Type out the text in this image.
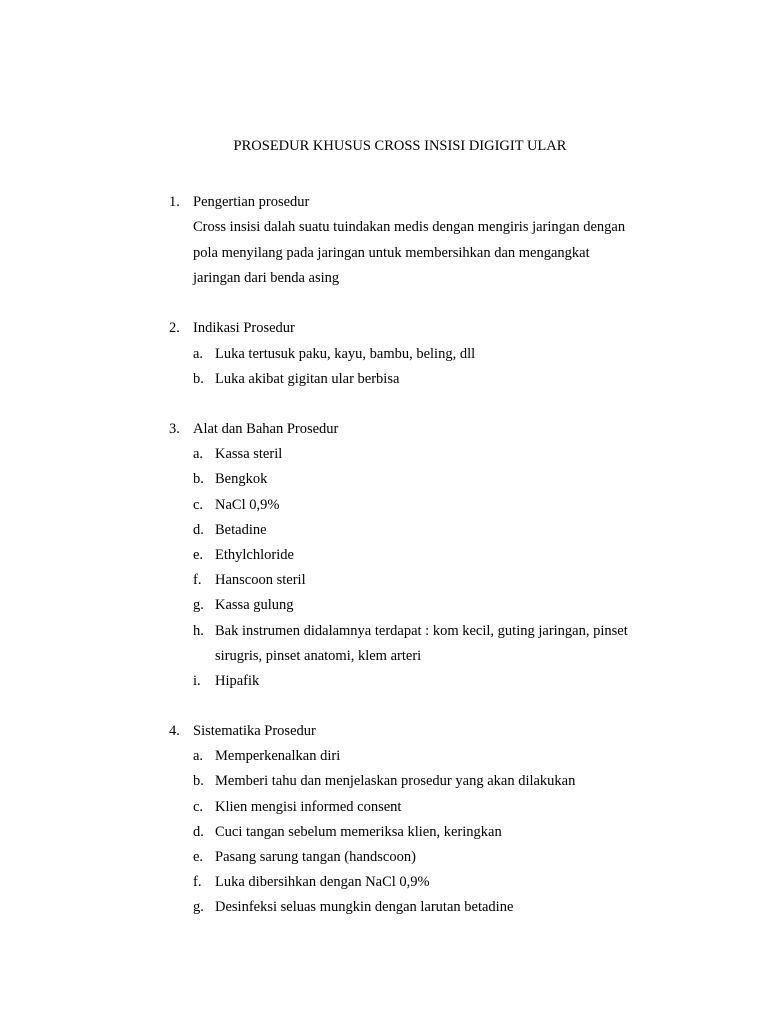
PROSEDUR KHUSUS CROSS INSISI DIGIGIT ULAR
1. Pengertian prosedur
Cross insisi dalah suatu tuindakan medis dengan mengiris jaringan dengan
pola menyilang pada jaringan untuk membersihkan dan mengangkat
jaringan dari benda asing
2. Indikasi Prosedur
a. Luka tertusuk paku, kayu, bambu, beling, dll
b. Luka akibat gigitan ular berbisa
3. Alat dan Bahan Prosedur
a. Kassa steril
b. Bengkok
c. NaCl 0,9%
d. Betadine
e. Ethylchloride
f. Hanscoon steril
g. Kassa gulung
h. Bak instrumen didalamnya terdapat : kom kecil, guting jaringan, pinset
sirugris, pinset anatomi, klem arteri
i. Hipafik
4. Sistematika Prosedur
a. Memperkenalkan diri
b. Memberi tahu dan menjelaskan prosedur yang akan dilakukan
c. Klien mengisi informed consent
d. Cuci tangan sebelum memeriksa klien, keringkan
e. Pasang sarung tangan (handscoon)
f. Luka dibersihkan dengan NaCl 0,9%
g. Desinfeksi seluas mungkin dengan larutan betadine
